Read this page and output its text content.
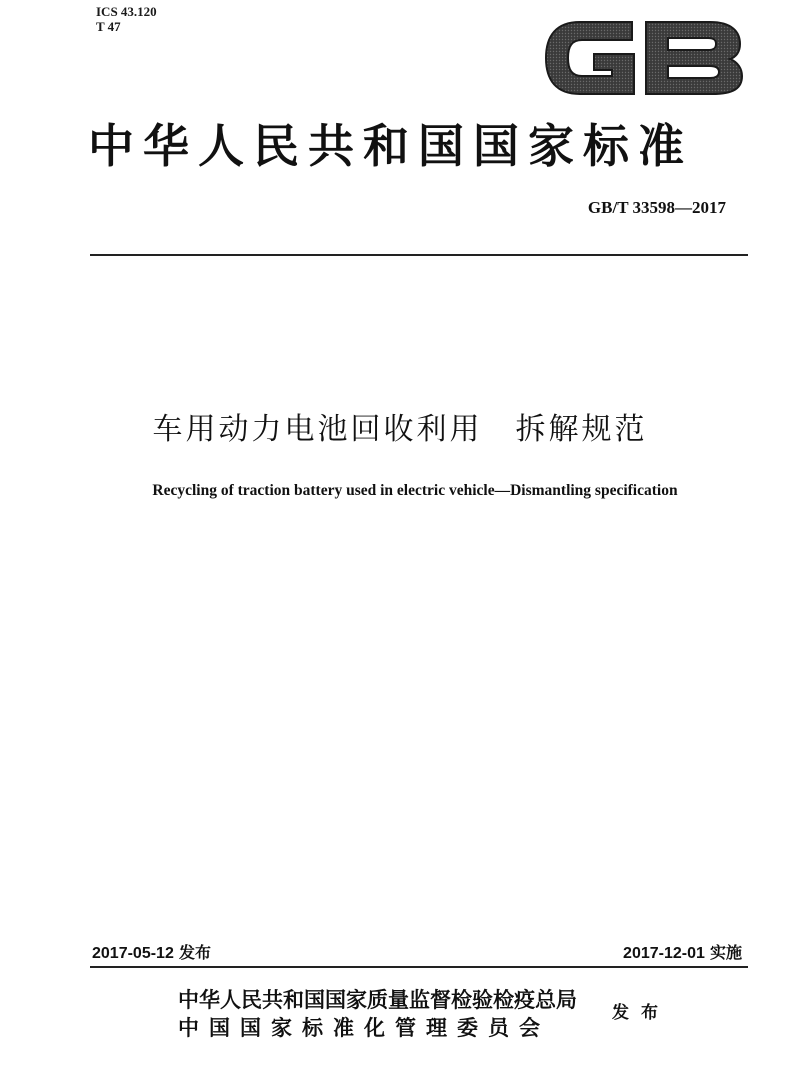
ICS 43.120
T 47
中华人民共和国国家标准
GB/T 33598—2017
车用动力电池回收利用　拆解规范
Recycling of traction battery used in electric vehicle—Dismantling specification
2017-05-12 发布	2017-12-01 实施
中华人民共和国国家质量监督检验检疫总局
中国国家标准化管理委员会
发布
